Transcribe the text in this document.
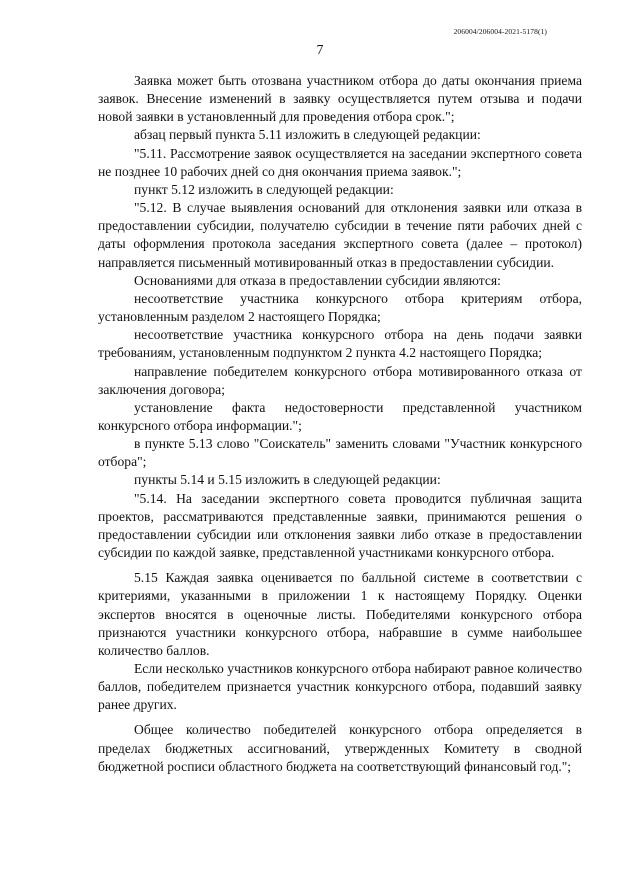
206004/206004-2021-5178(1)
7

Заявка может быть отозвана участником отбора до даты окончания приема заявок. Внесение изменений в заявку осуществляется путем отзыва и подачи новой заявки в установленный для проведения отбора срок.";

абзац первый пункта 5.11 изложить в следующей редакции:

"5.11. Рассмотрение заявок осуществляется на заседании экспертного совета не позднее 10 рабочих дней со дня окончания приема заявок.";

пункт 5.12 изложить в следующей редакции:

"5.12. В случае выявления оснований для отклонения заявки или отказа в предоставлении субсидии, получателю субсидии в течение пяти рабочих дней с даты оформления протокола заседания экспертного совета (далее – протокол) направляется письменный мотивированный отказ в предоставлении субсидии.

Основаниями для отказа в предоставлении субсидии являются:

несоответствие участника конкурсного отбора критериям отбора, установленным разделом 2 настоящего Порядка;

несоответствие участника конкурсного отбора на день подачи заявки требованиям, установленным подпунктом 2 пункта 4.2 настоящего Порядка;

направление победителем конкурсного отбора мотивированного отказа от заключения договора;

установление факта недостоверности представленной участником конкурсного отбора информации.";

в пункте 5.13 слово "Соискатель" заменить словами "Участник конкурсного отбора";

пункты 5.14 и 5.15 изложить в следующей редакции:

"5.14. На заседании экспертного совета проводится публичная защита проектов, рассматриваются представленные заявки, принимаются решения о предоставлении субсидии или отклонения заявки либо отказе в предоставлении субсидии по каждой заявке, представленной участниками конкурсного отбора.

5.15 Каждая заявка оценивается по балльной системе в соответствии с критериями, указанными в приложении 1 к настоящему Порядку. Оценки экспертов вносятся в оценочные листы. Победителями конкурсного отбора признаются участники конкурсного отбора, набравшие в сумме наибольшее количество баллов.

Если несколько участников конкурсного отбора набирают равное количество баллов, победителем признается участник конкурсного отбора, подавший заявку ранее других.

Общее количество победителей конкурсного отбора определяется в пределах бюджетных ассигнований, утвержденных Комитету в сводной бюджетной росписи областного бюджета на соответствующий финансовый год.";
